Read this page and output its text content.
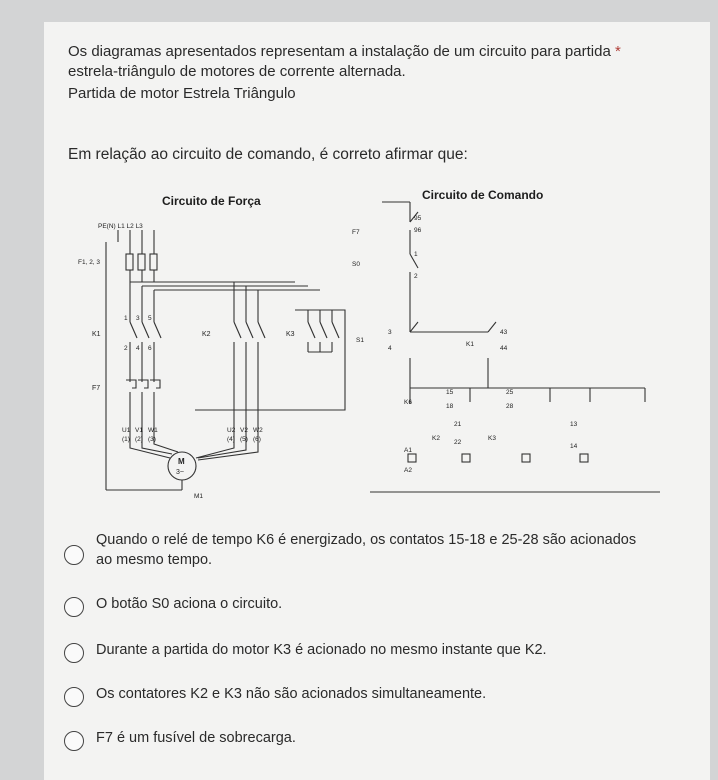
Os diagramas apresentados representam a instalação de um circuito para partida *

estrela-triângulo de motores de corrente alternada.

Partida de motor Estrela Triângulo

Em relação ao circuito de comando, é correto afirmar que:
Circuito de Força	Circuito de Comando
PE(N) L1 L2 L3
F1, 2, 3
K1	K2	K3
F7
1 3 5
2 4 6
U1 V1 W1
(1) (2) (3)
U2 V2 W2
(4) (5) (6)
M
3~
M1
F7
95
96
S0
1
2
S1
3
4
K1
43
44
K6
15
18
25
28
K2	K3
21
22
13
14
A1
A2
Quando o relé de tempo K6 é energizado, os contatos 15-18 e 25-28 são acionados
ao mesmo tempo.
O botão S0 aciona o circuito.
Durante a partida do motor K3 é acionado no mesmo instante que K2.
Os contatores K2 e K3 não são acionados simultaneamente.
F7 é um fusível de sobrecarga.
